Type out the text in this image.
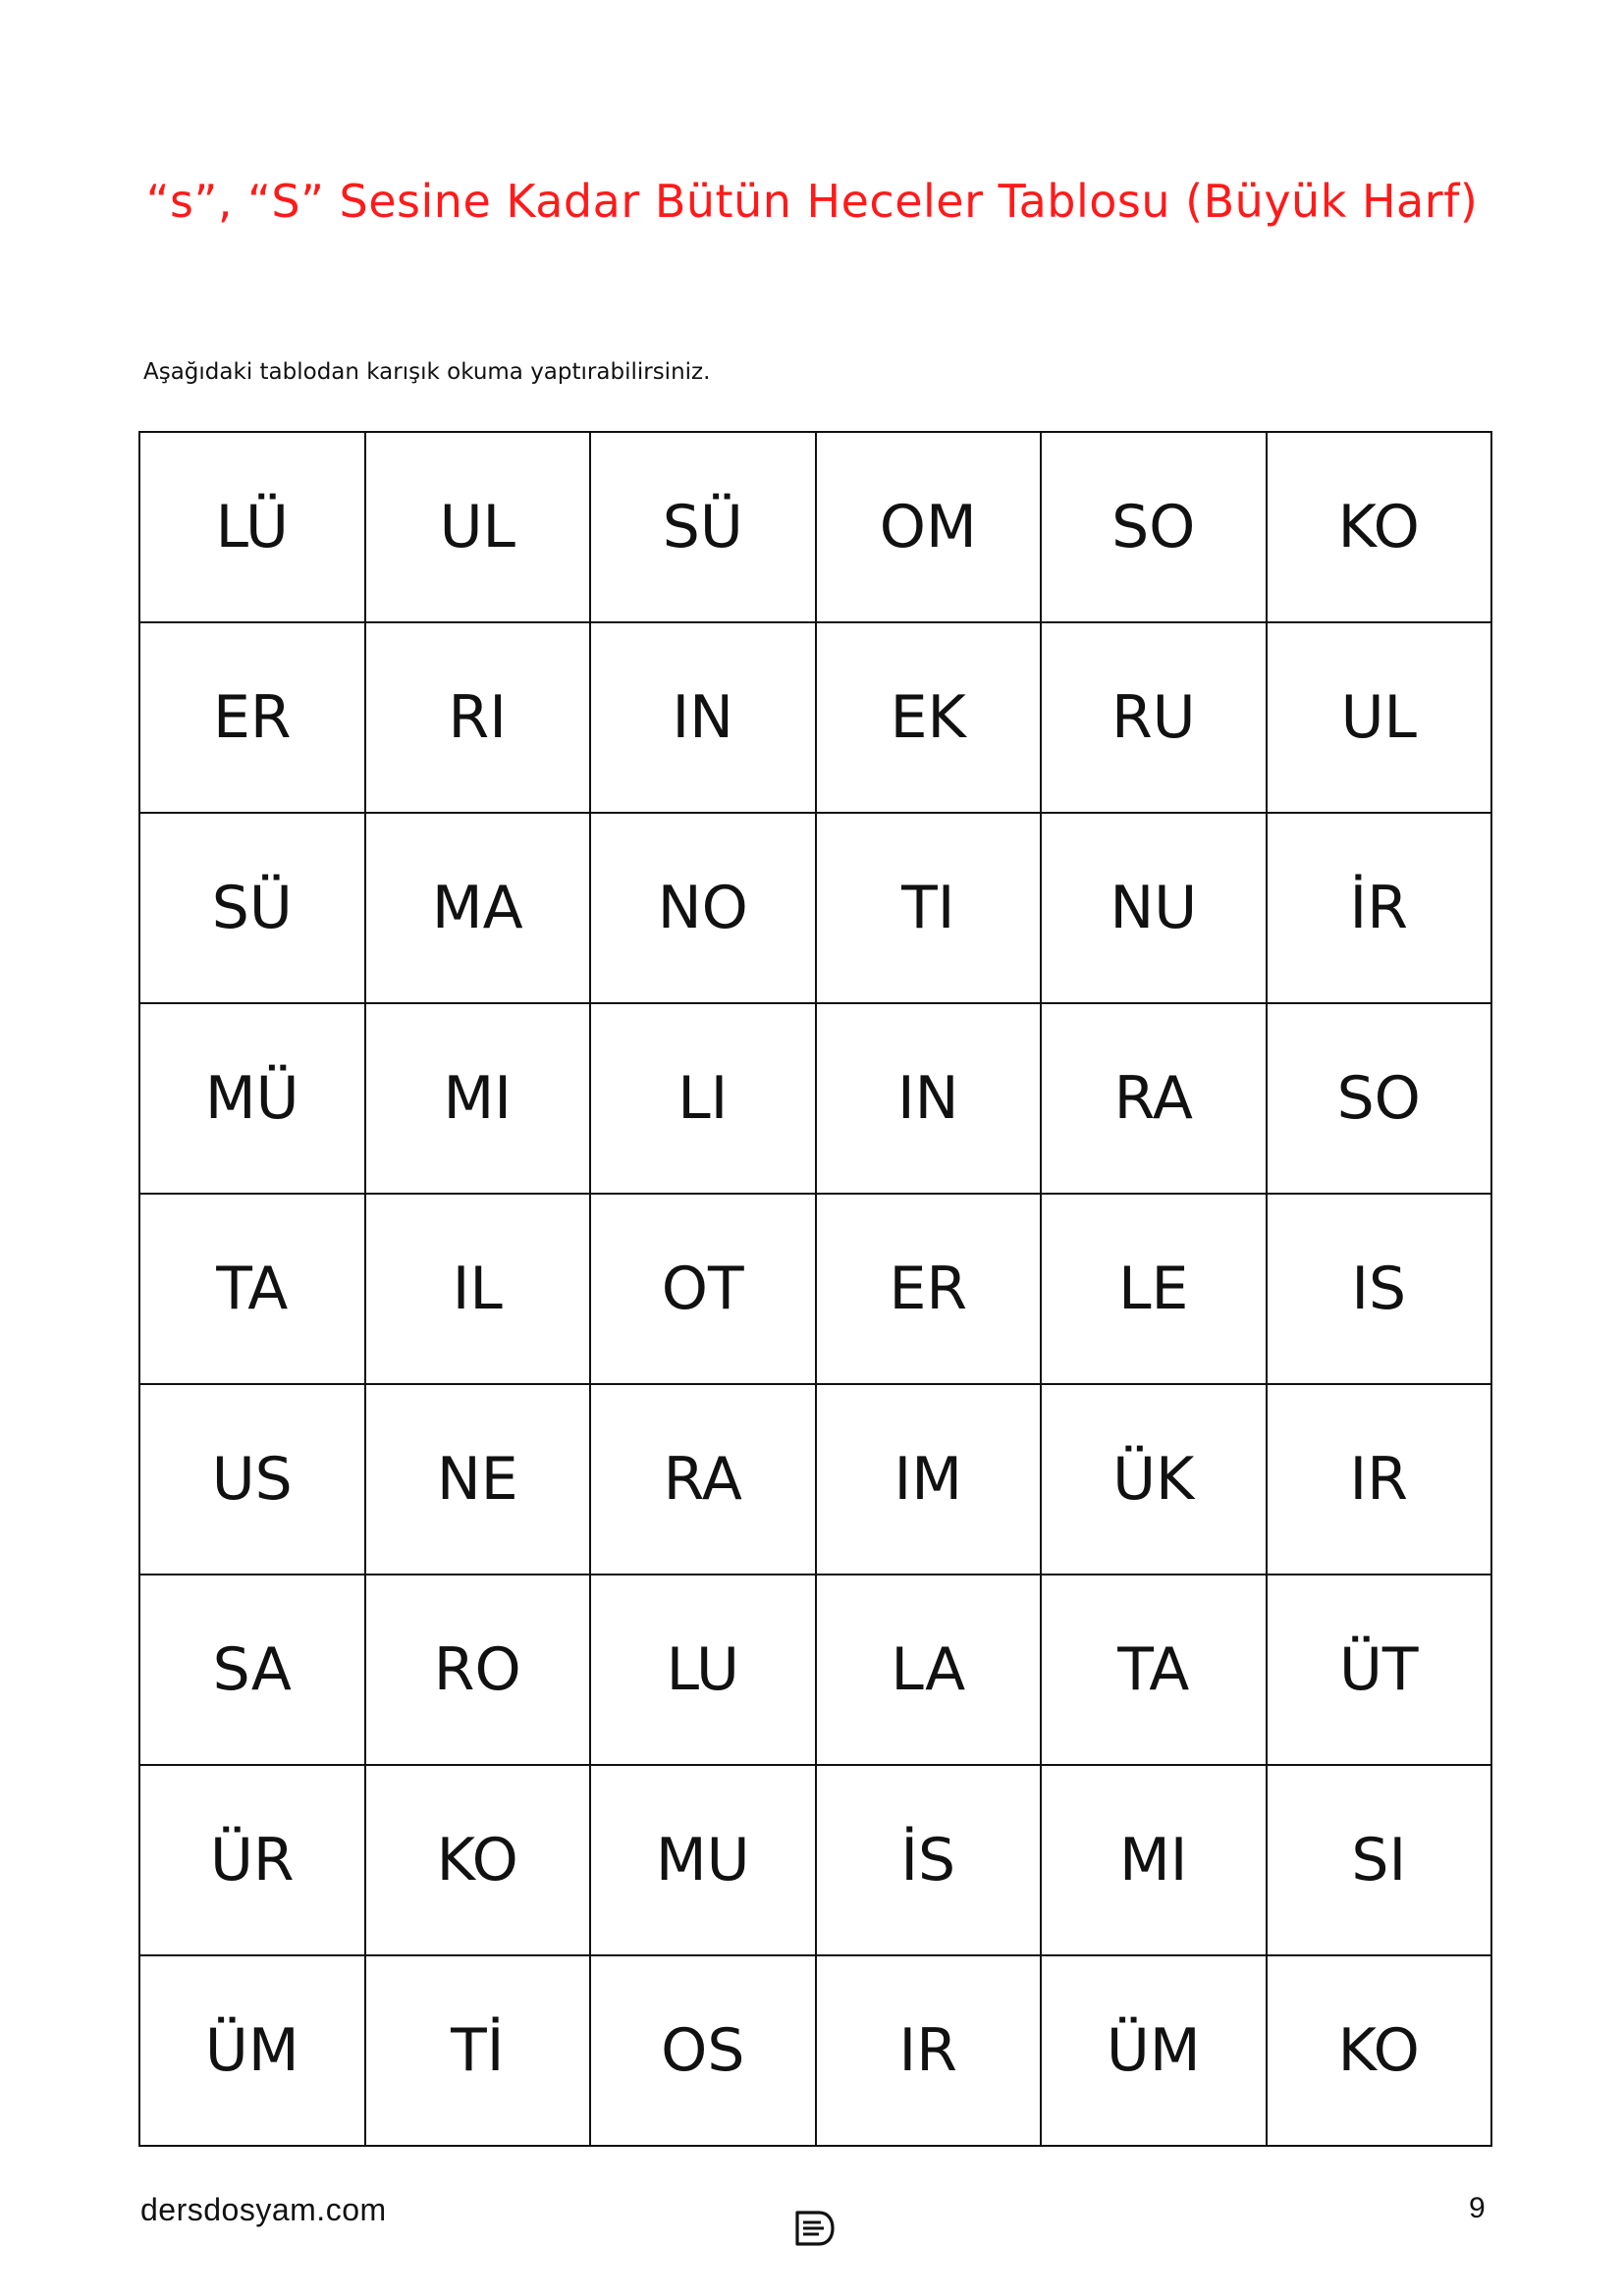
“s”, “S” Sesine Kadar Bütün Heceler Tablosu (Büyük Harf)
Aşağıdaki tablodan karışık okuma yaptırabilirsiniz.
LÜ	UL	SÜ	OM	SO	KO
ER	RI	IN	EK	RU	UL
SÜ	MA	NO	TI	NU	İR
MÜ	MI	LI	IN	RA	SO
TA	IL	OT	ER	LE	IS
US	NE	RA	IM	ÜK	IR
SA	RO	LU	LA	TA	ÜT
ÜR	KO	MU	İS	MI	SI
ÜM	Tİ	OS	IR	ÜM	KO
dersdosyam.com	9
